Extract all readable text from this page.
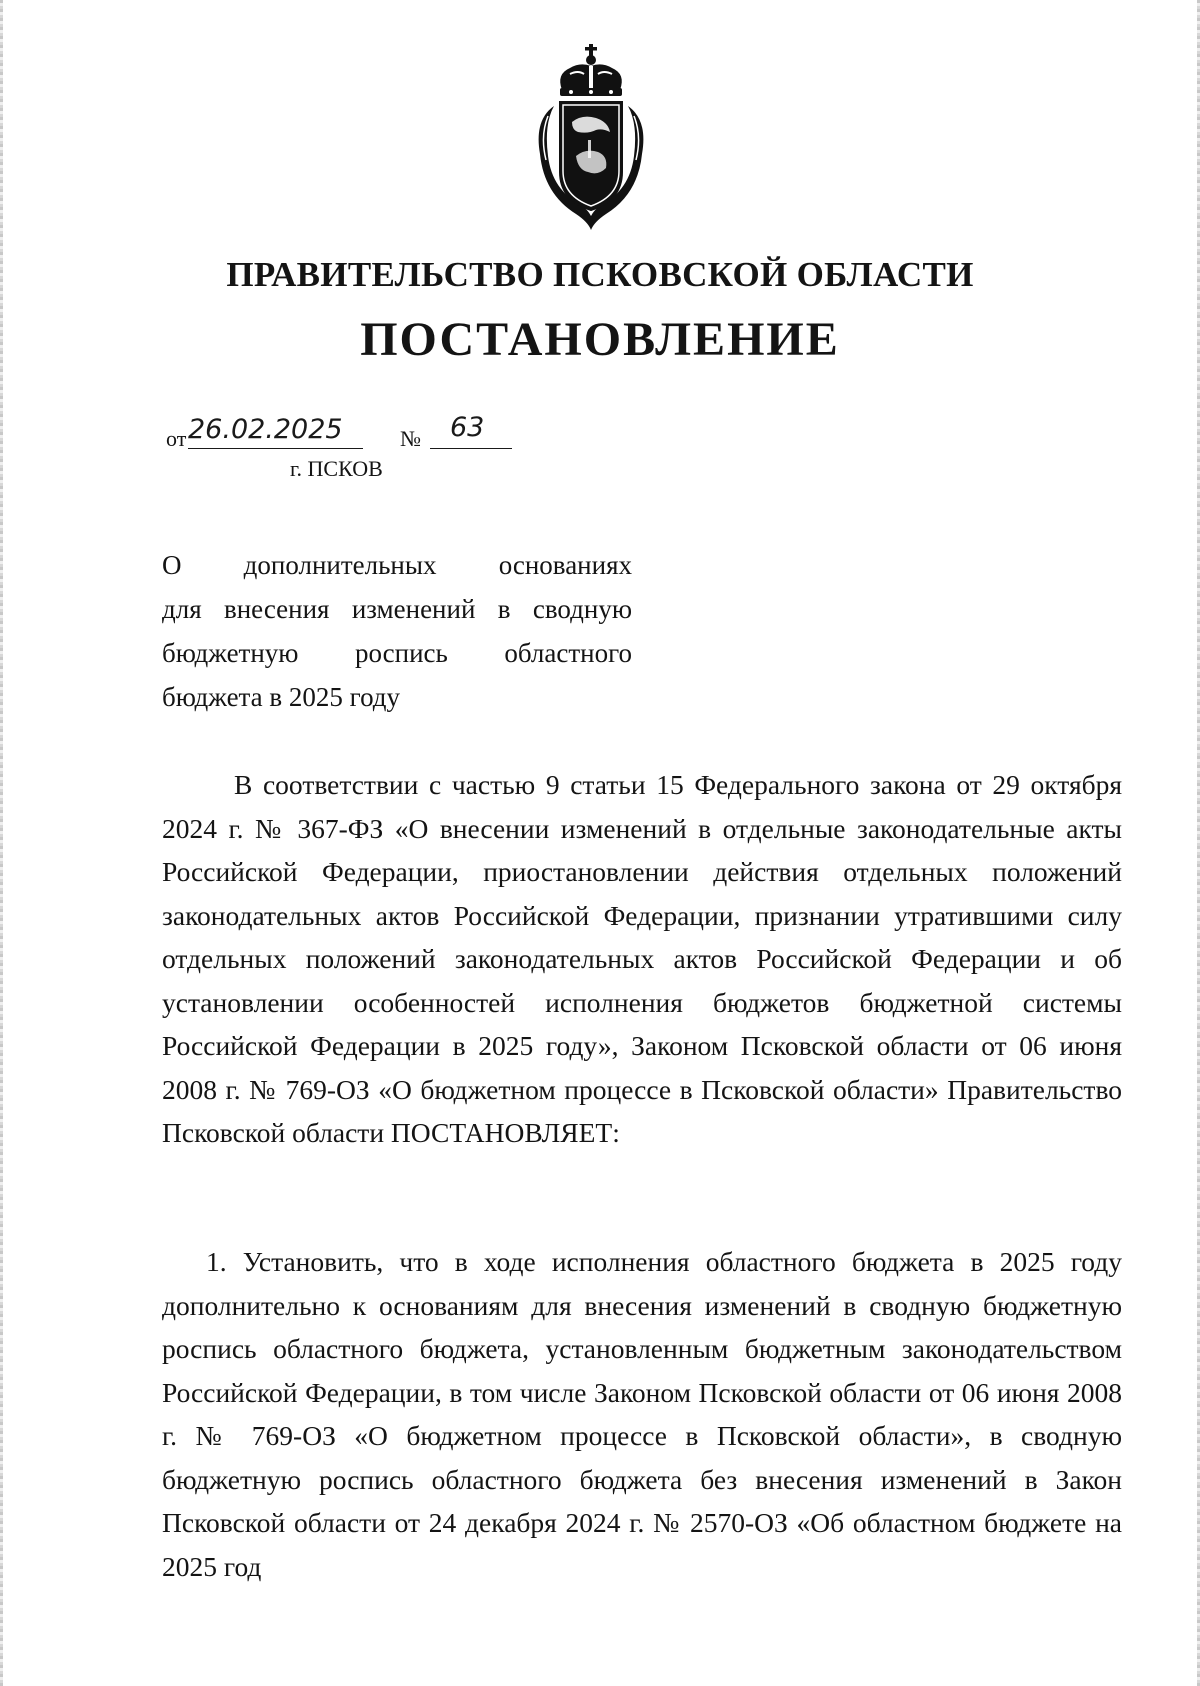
ПРАВИТЕЛЬСТВО ПСКОВСКОЙ ОБЛАСТИ
ПОСТАНОВЛЕНИЕ
от 26.02.2025	№ 63
г. ПСКОВ
О дополнительных основаниях
для внесения изменений в сводную
бюджетную роспись областного
бюджета в 2025 году
В соответствии с частью 9 статьи 15 Федерального закона от 29 октября 2024 г. № 367-ФЗ «О внесении изменений в отдельные законодательные акты Российской Федерации, приостановлении действия отдельных положений законодательных актов Российской Федерации, признании утратившими силу отдельных положений законодательных актов Российской Федерации и об установлении особенностей исполнения бюджетов бюджетной системы Российской Федерации в 2025 году», Законом Псковской области от 06 июня 2008 г. № 769-ОЗ «О бюджетном процессе в Псковской области» Правительство Псковской области ПОСТАНОВЛЯЕТ:
1. Установить, что в ходе исполнения областного бюджета в 2025 году дополнительно к основаниям для внесения изменений в сводную бюджетную роспись областного бюджета, установленным бюджетным законодательством Российской Федерации, в том числе Законом Псковской области от 06 июня 2008 г. № 769-ОЗ «О бюджетном процессе в Псковской области», в сводную бюджетную роспись областного бюджета без внесения изменений в Закон Псковской области от 24 декабря 2024 г. № 2570-ОЗ «Об областном бюджете на 2025 год
